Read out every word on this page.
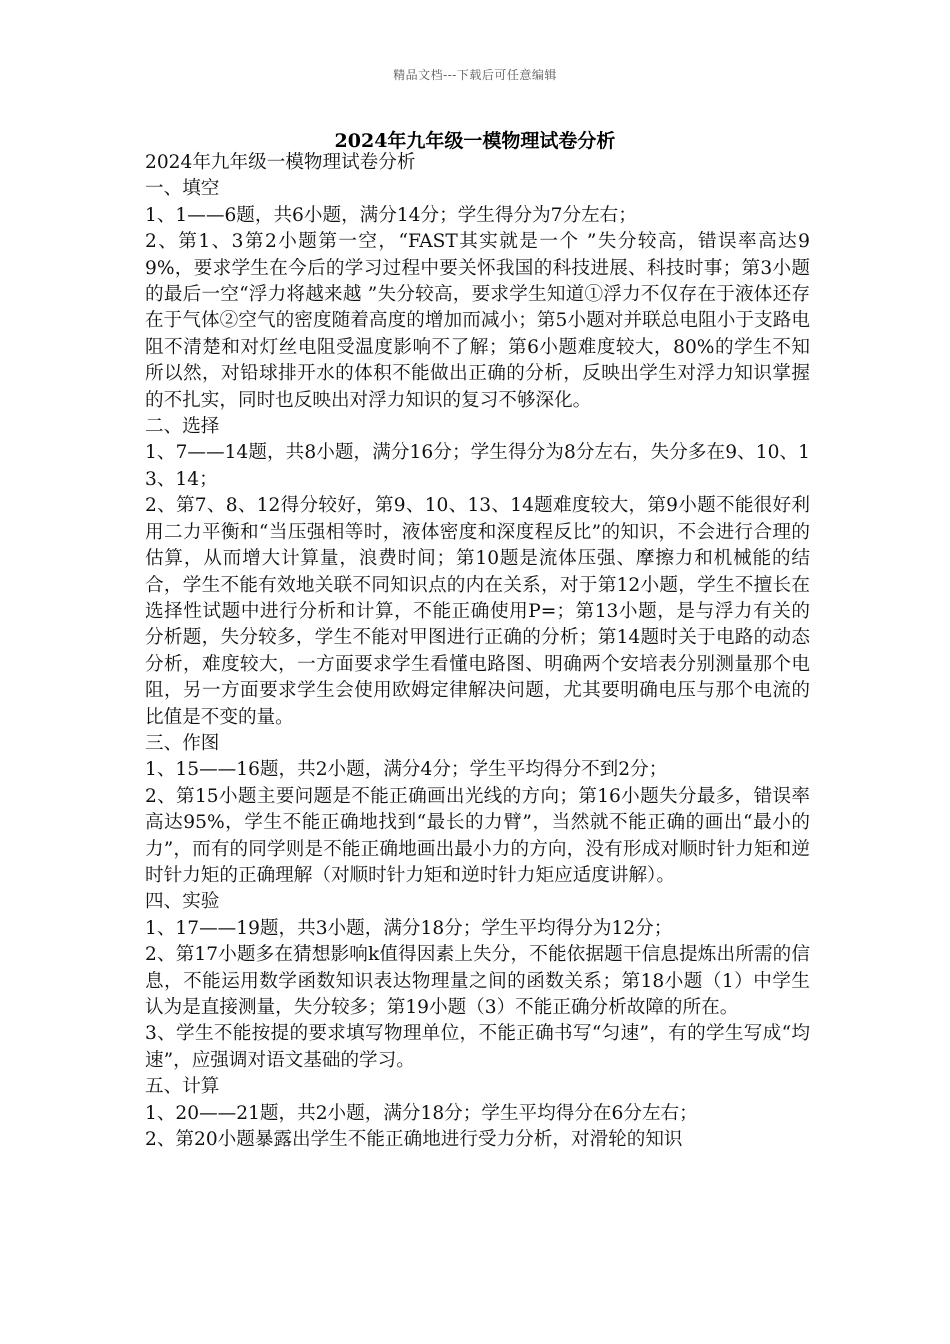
精品文档---下载后可任意编辑
2024年九年级一模物理试卷分析

2024年九年级一模物理试卷分析

一、填空

1、1——6题，共6小题，满分14分；学生得分为7分左右；

2、第1、3第2小题第一空，“FAST其实就是一个 ”失分较高，错误率高达99%，要求学生在今后的学习过程中要关怀我国的科技进展、科技时事；第3小题的最后一空“浮力将越来越 ”失分较高，要求学生知道①浮力不仅存在于液体还存在于气体②空气的密度随着高度的增加而减小；第5小题对并联总电阻小于支路电阻不清楚和对灯丝电阻受温度影响不了解；第6小题难度较大，80%的学生不知所以然，对铅球排开水的体积不能做出正确的分析，反映出学生对浮力知识掌握的不扎实，同时也反映出对浮力知识的复习不够深化。

二、选择

1、7——14题，共8小题，满分16分；学生得分为8分左右，失分多在9、10、13、14；

2、第7、8、12得分较好，第9、10、13、14题难度较大，第9小题不能很好利用二力平衡和“当压强相等时，液体密度和深度程反比”的知识，不会进行合理的估算，从而增大计算量，浪费时间；第10题是流体压强、摩擦力和机械能的结合，学生不能有效地关联不同知识点的内在关系，对于第12小题，学生不擅长在选择性试题中进行分析和计算，不能正确使用P=；第13小题，是与浮力有关的分析题，失分较多，学生不能对甲图进行正确的分析；第14题时关于电路的动态分析，难度较大，一方面要求学生看懂电路图、明确两个安培表分别测量那个电阻，另一方面要求学生会使用欧姆定律解决问题，尤其要明确电压与那个电流的比值是不变的量。

三、作图

1、15——16题，共2小题，满分4分；学生平均得分不到2分；

2、第15小题主要问题是不能正确画出光线的方向；第16小题失分最多，错误率高达95%，学生不能正确地找到“最长的力臂”，当然就不能正确的画出“最小的力”，而有的同学则是不能正确地画出最小力的方向，没有形成对顺时针力矩和逆时针力矩的正确理解（对顺时针力矩和逆时针力矩应适度讲解）。

四、实验

1、17——19题，共3小题，满分18分；学生平均得分为12分；

2、第17小题多在猜想影响k值得因素上失分，不能依据题干信息提炼出所需的信息，不能运用数学函数知识表达物理量之间的函数关系；第18小题（1）中学生认为是直接测量，失分较多；第19小题（3）不能正确分析故障的所在。

3、学生不能按提的要求填写物理单位，不能正确书写“匀速”，有的学生写成“均速”，应强调对语文基础的学习。

五、计算

1、20——21题，共2小题，满分18分；学生平均得分在6分左右；

2、第20小题暴露出学生不能正确地进行受力分析，对滑轮的知识
